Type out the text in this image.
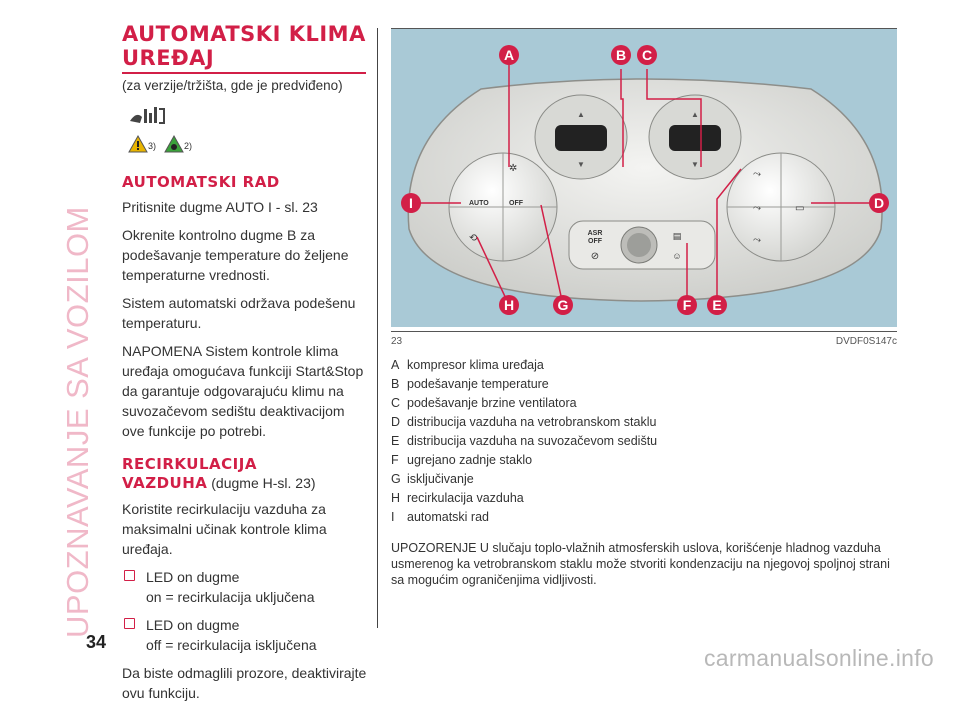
UPOZNAVANJE SA VOZILOM
34
AUTOMATSKI KLIMA
UREĐAJ
(za verzije/tržišta, gde je predviđeno)
3)	2)
AUTOMATSKI RAD

Pritisnite dugme AUTO I - sl. 23

Okrenite kontrolno dugme B za podešavanje temperature do željene temperaturne vrednosti.

Sistem automatski održava podešenu temperaturu.

NAPOMENA Sistem kontrole klima uređaja omogućava funkciji Start&Stop da garantuje odgovarajuću klimu na suvozačevom sedištu deaktivacijom ove funkcije po potrebi.

RECIRKULACIJA
VAZDUHA (dugme H-sl. 23)

Koristite recirkulaciju vazduha za maksimalni učinak kontrole klima uređaja.

LED on dugme
on = recirkulacija uključena
LED on dugme
off = recirkulacija isključena

Da biste odmaglili prozore, deaktivirajte ovu funkciju.

▲
▼
▲
▼
AUTO	OFF
✲
⟲
⤳
⤳
⤳
▭
ASR
OFF
⊘
▤
☺
A	B C
D
E
F
G
H
I
23	DVDF0S147c
A kompresor klima uređaja
B podešavanje temperature
C podešavanje brzine ventilatora
D distribucija vazduha na vetrobranskom staklu
E distribucija vazduha na suvozačevom sedištu
F ugrejano zadnje staklo
G isključivanje
H recirkulacija vazduha
I automatski rad
UPOZORENJE U slučaju toplo-vlažnih atmosferskih uslova, korišćenje hladnog vazduha usmerenog ka vetrobranskom staklu može stvoriti kondenzaciju na njegovoj spoljnoj strani sa mogućim ograničenjima vidljivosti.
carmanualsonline.info
